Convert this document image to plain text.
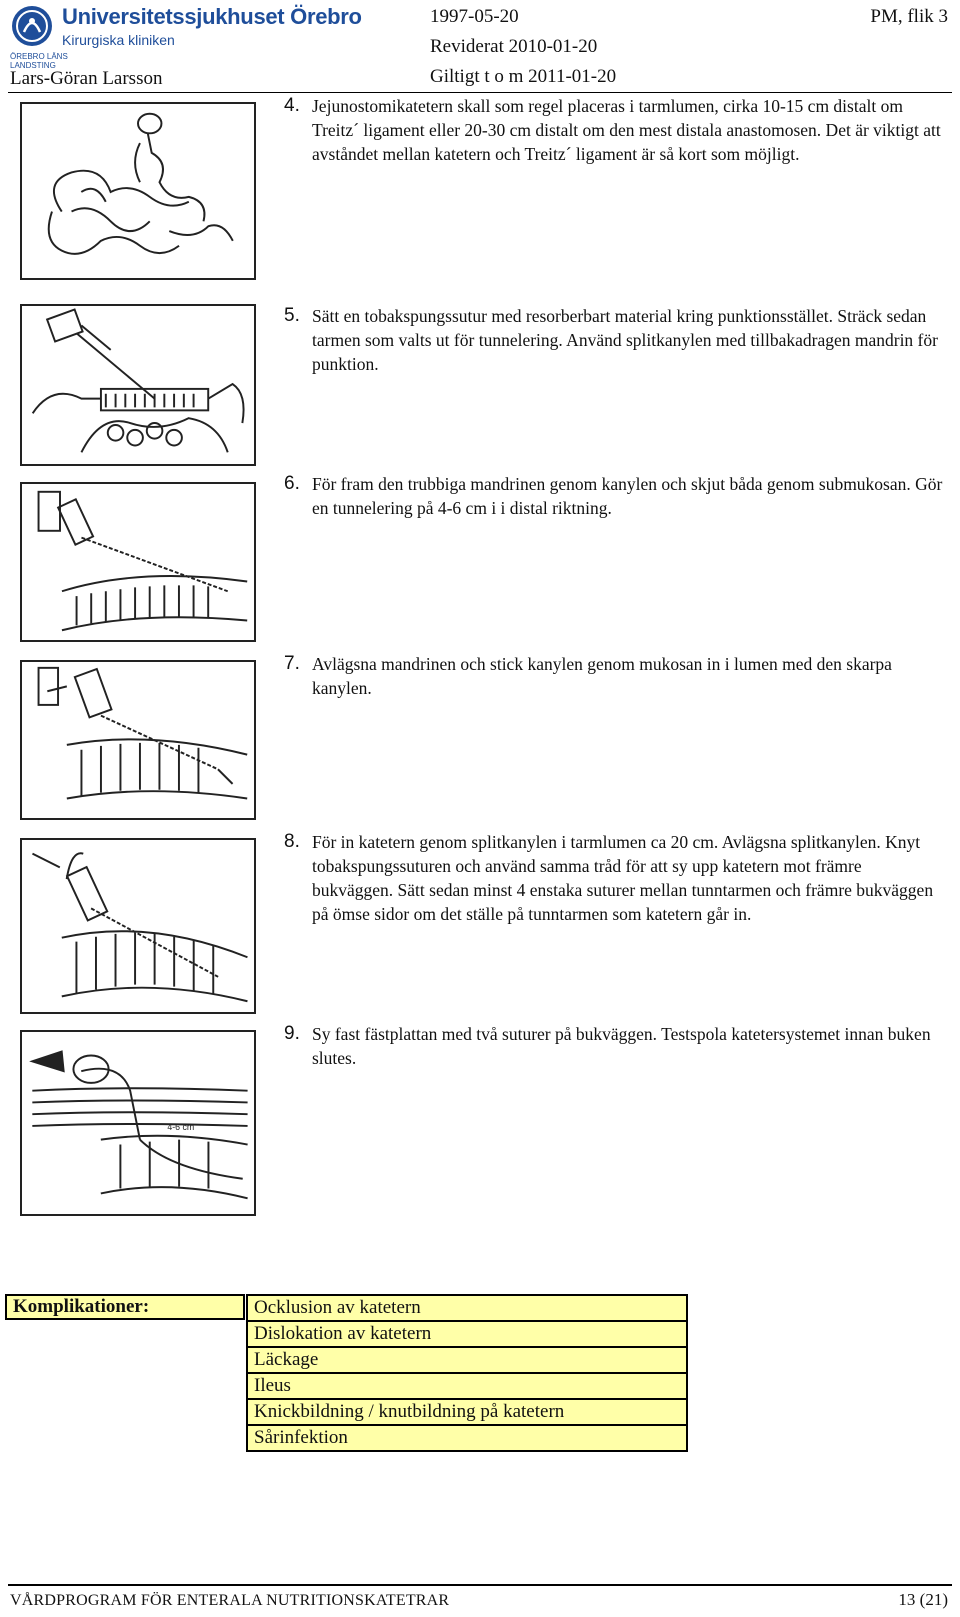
Universitetssjukhuset Örebro
Kirurgiska kliniken
ÖREBRO LÄNS
LANDSTING
Lars-Göran Larsson
1997-05-20
Reviderat 2010-01-20
Giltigt t o m 2011-01-20
PM, flik 3
4. Jejunostomikatetern skall som regel placeras i tarmlumen, cirka 10-15 cm distalt om Treitz´ ligament eller 20-30 cm distalt om den mest distala anastomosen. Det är viktigt att avståndet mellan katetern och Treitz´ ligament är så kort som möjligt.
5. Sätt en tobakspungssutur med resorberbart material kring punktionsstället. Sträck sedan tarmen som valts ut för tunnelering. Använd splitkanylen med tillbakadragen mandrin för punktion.
6. För fram den trubbiga mandrinen genom kanylen och skjut båda genom submukosan. Gör en tunnelering på 4-6 cm i i distal riktning.
7. Avlägsna mandrinen och stick kanylen genom mukosan in i lumen med den skarpa kanylen.
8. För in katetern genom splitkanylen i tarmlumen ca 20 cm. Avlägsna splitkanylen. Knyt tobakspungssuturen och använd samma tråd för att sy upp katetern mot främre bukväggen. Sätt sedan minst 4 enstaka suturer mellan tunntarmen och främre bukväggen på ömse sidor om det ställe på tunntarmen som katetern går in.
4-6 cm
9. Sy fast fästplattan med två suturer på bukväggen. Testspola katetersystemet innan buken slutes.
Komplikationer:	Ocklusion av katetern
Dislokation av katetern
Läckage
Ileus
Knickbildning / knutbildning på katetern
Sårinfektion
VÅRDPROGRAM FÖR ENTERALA NUTRITIONSKATETRAR	13 (21)
